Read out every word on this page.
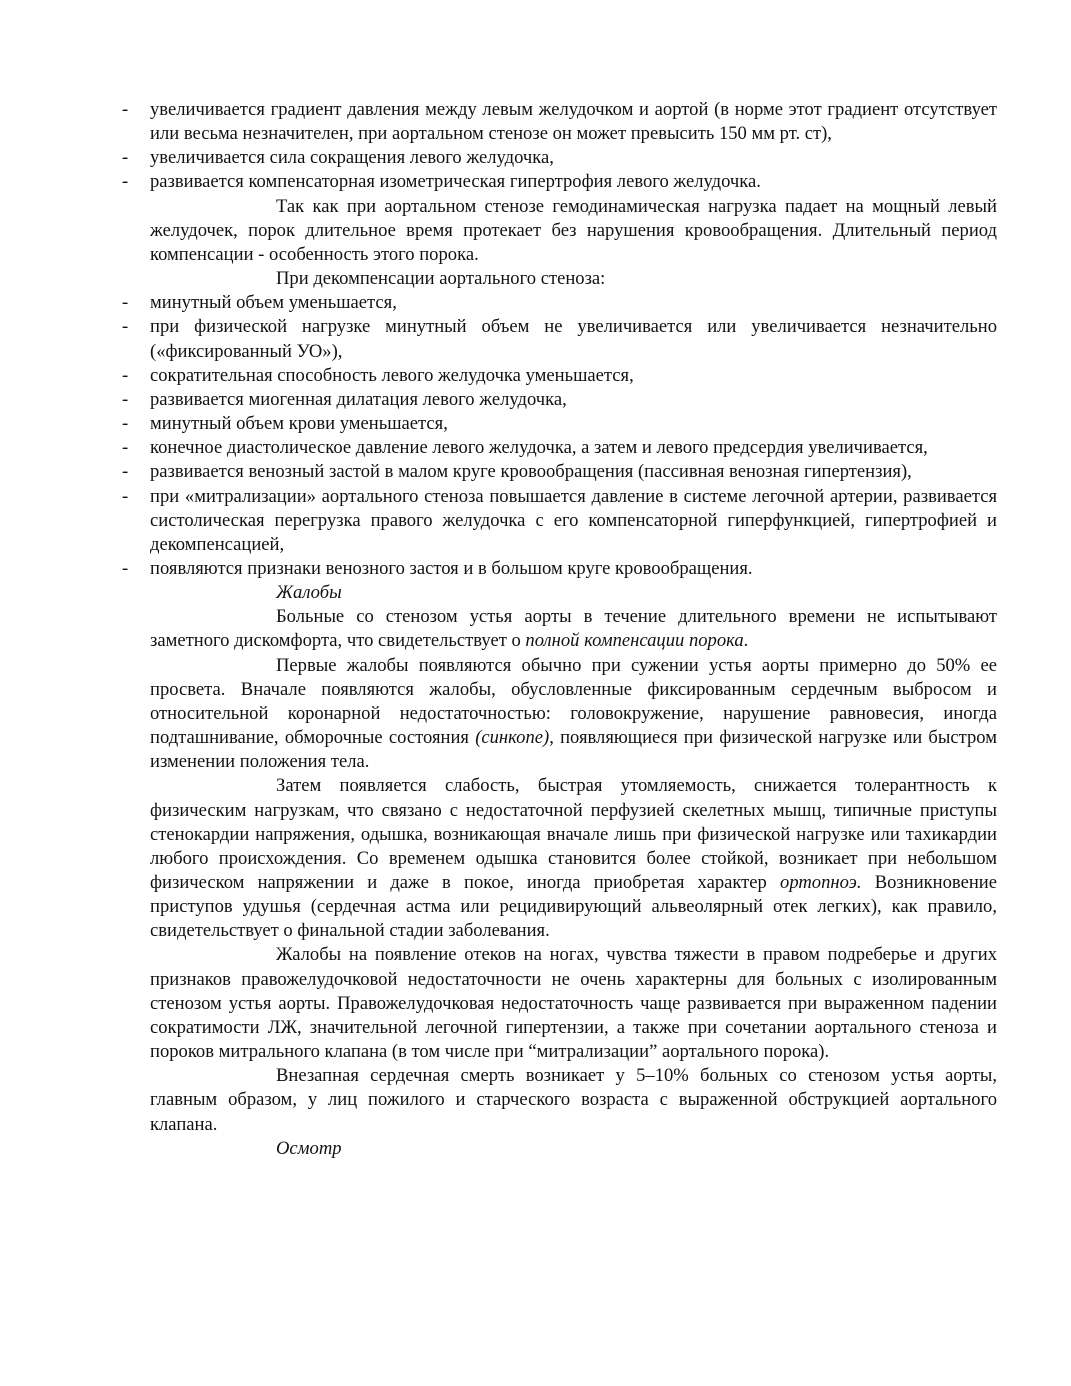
- увеличивается градиент давления между левым желудочком и аортой (в норме этот градиент отсутствует или весьма незначителен, при аортальном стенозе он может превысить 150 мм рт. ст),
- увеличивается сила сокращения левого желудочка,
- развивается компенсаторная изометрическая гипертрофия левого желудочка.
Так как при аортальном стенозе гемодинамическая нагрузка падает на мощный левый желудочек, порок длительное время протекает без нарушения кровообращения. Длительный период компенсации - особенность этого порока.
При декомпенсации аортального стеноза:
- минутный объем уменьшается,
- при физической нагрузке минутный объем не увеличивается или увеличивается незначительно («фиксированный УО»),
- сократительная способность левого желудочка уменьшается,
- развивается миогенная дилатация левого желудочка,
- минутный объем крови уменьшается,
- конечное диастолическое давление левого желудочка, а затем и левого предсердия увеличивается,
- развивается венозный застой в малом круге кровообращения (пассивная венозная гипертензия),
- при «митрализации» аортального стеноза повышается давление в системе легочной артерии, развивается систолическая перегрузка правого желудочка с его компенсаторной гиперфункцией, гипертрофией и декомпенсацией,
- появляются признаки венозного застоя и в большом круге кровообращения.
Жалобы
Больные со стенозом устья аорты в течение длительного времени не испытывают заметного дискомфорта, что свидетельствует о полной компенсации порока.
Первые жалобы появляются обычно при сужении устья аорты примерно до 50% ее просвета. Вначале появляются жалобы, обусловленные фиксированным сердечным выбросом и относительной коронарной недостаточностью: головокружение, нарушение равновесия, иногда подташнивание, обморочные состояния (синкопе), появляющиеся при физической нагрузке или быстром изменении положения тела.
Затем появляется слабость, быстрая утомляемость, снижается толерантность к физическим нагрузкам, что связано с недостаточной перфузией скелетных мышц, типичные приступы стенокардии напряжения, одышка, возникающая вначале лишь при физической нагрузке или тахикардии любого происхождения. Со временем одышка становится более стойкой, возникает при небольшом физическом напряжении и даже в покое, иногда приобретая характер ортопноэ. Возникновение приступов удушья (сердечная астма или рецидивирующий альвеолярный отек легких), как правило, свидетельствует о финальной стадии заболевания.
Жалобы на появление отеков на ногах, чувства тяжести в правом подреберье и других признаков правожелудочковой недостаточности не очень характерны для больных с изолированным стенозом устья аорты. Правожелудочковая недостаточность чаще развивается при выраженном падении сократимости ЛЖ, значительной легочной гипертензии, а также при сочетании аортального стеноза и пороков митрального клапана (в том числе при “митрализации” аортального порока).
Внезапная сердечная смерть возникает у 5–10% больных со стенозом устья аорты, главным образом, у лиц пожилого и старческого возраста с выраженной обструкцией аортального клапана.
Осмотр
